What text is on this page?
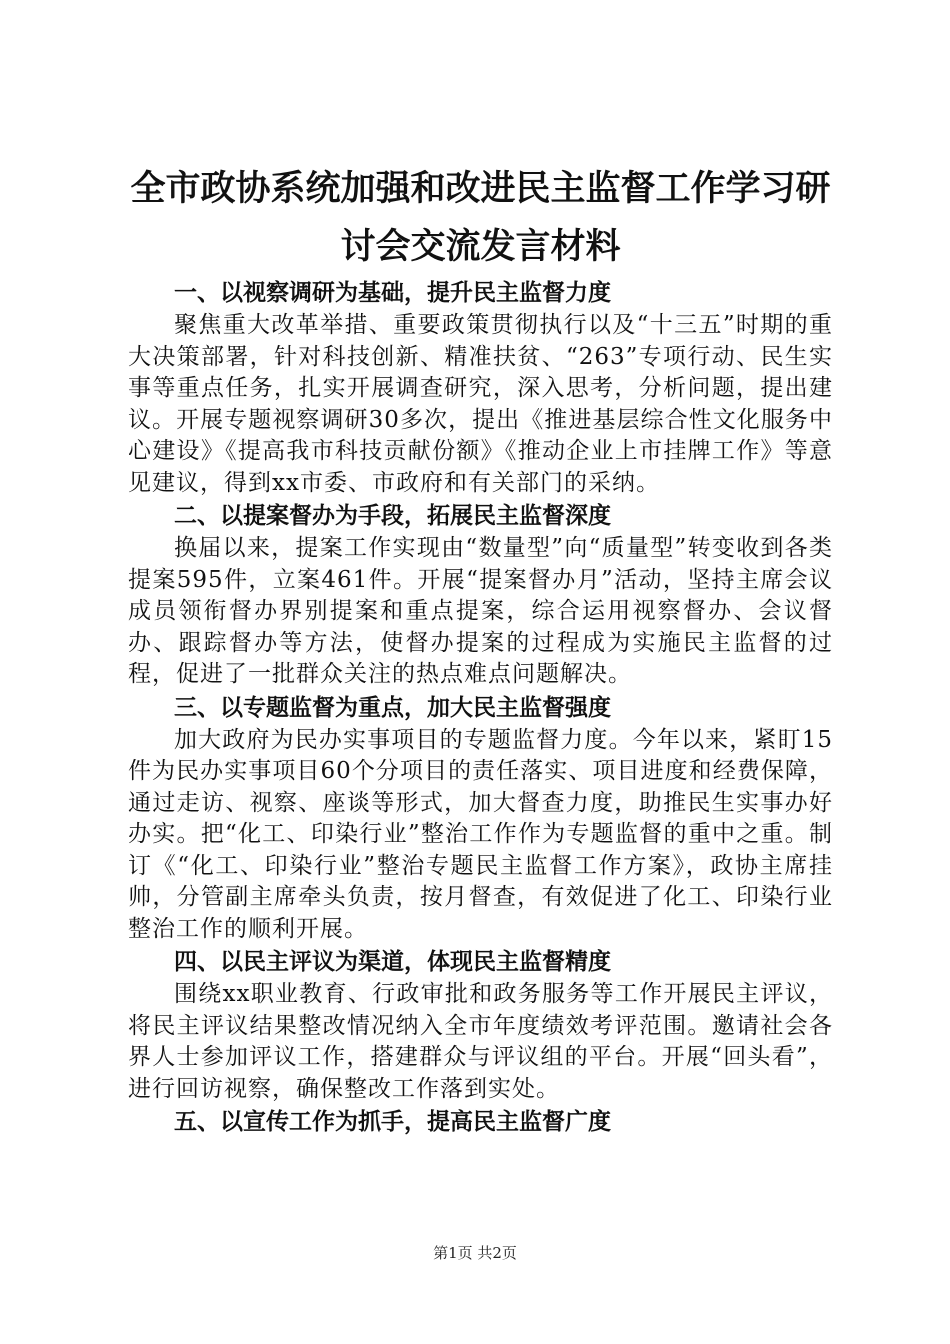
全市政协系统加强和改进民主监督工作学习研讨会交流发言材料

一、以视察调研为基础，提升民主监督力度

聚焦重大改革举措、重要政策贯彻执行以及“十三五”时期的重大决策部署，针对科技创新、精准扶贫、“263”专项行动、民生实事等重点任务，扎实开展调查研究，深入思考，分析问题，提出建议。开展专题视察调研30多次，提出《推进基层综合性文化服务中心建设》《提高我市科技贡献份额》《推动企业上市挂牌工作》等意见建议，得到xx市委、市政府和有关部门的采纳。

二、以提案督办为手段，拓展民主监督深度

换届以来，提案工作实现由“数量型”向“质量型”转变收到各类提案595件，立案461件。开展“提案督办月”活动，坚持主席会议成员领衔督办界别提案和重点提案，综合运用视察督办、会议督办、跟踪督办等方法，使督办提案的过程成为实施民主监督的过程，促进了一批群众关注的热点难点问题解决。

三、以专题监督为重点，加大民主监督强度

加大政府为民办实事项目的专题监督力度。今年以来，紧盯15件为民办实事项目60个分项目的责任落实、项目进度和经费保障，通过走访、视察、座谈等形式，加大督查力度，助推民生实事办好办实。把“化工、印染行业”整治工作作为专题监督的重中之重。制订《“化工、印染行业”整治专题民主监督工作方案》，政协主席挂帅，分管副主席牵头负责，按月督查，有效促进了化工、印染行业整治工作的顺利开展。

四、以民主评议为渠道，体现民主监督精度

围绕xx职业教育、行政审批和政务服务等工作开展民主评议，将民主评议结果整改情况纳入全市年度绩效考评范围。邀请社会各界人士参加评议工作，搭建群众与评议组的平台。开展“回头看”，进行回访视察，确保整改工作落到实处。

五、以宣传工作为抓手，提高民主监督广度

第1页 共2页
